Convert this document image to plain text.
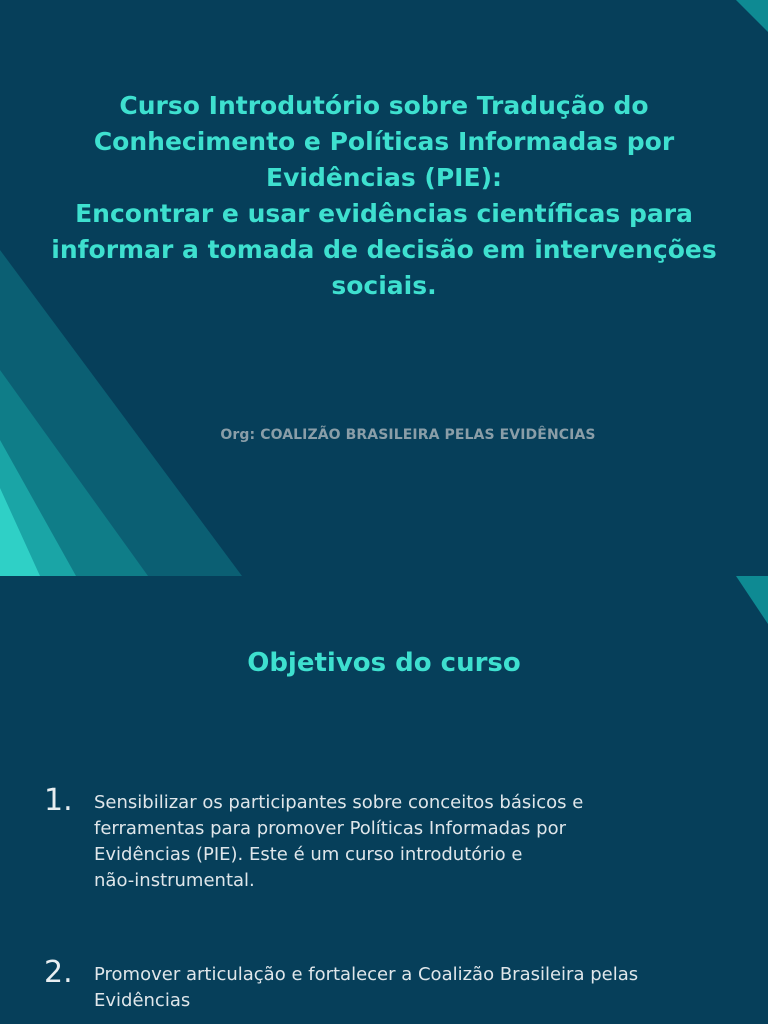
Curso Introdutório sobre Tradução do
Conhecimento e Políticas Informadas por
Evidências (PIE):
Encontrar e usar evidências científicas para
informar a tomada de decisão em intervenções
sociais.
Org: COALIZÃO BRASILEIRA PELAS EVIDÊNCIAS
Objetivos do curso
1. Sensibilizar os participantes sobre conceitos básicos e
ferramentas para promover Políticas Informadas por
Evidências (PIE). Este é um curso introdutório e
não-instrumental.

2. Promover articulação e fortalecer a Coalizão Brasileira pelas
Evidências
